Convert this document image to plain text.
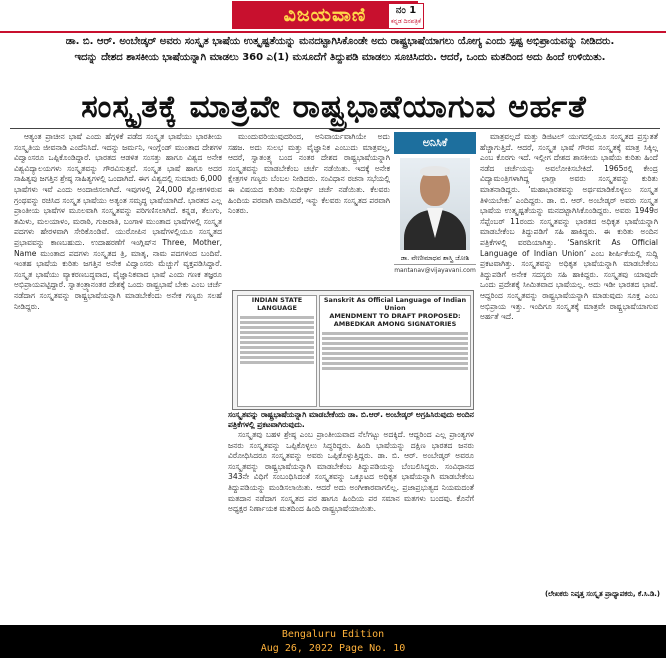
ವಿಜಯವಾಣಿ	ನಂ 1
ಕನ್ನಡ ದಿನಪತ್ರಿಕೆ
ಡಾ. ಬಿ. ಆರ್. ಅಂಬೇಡ್ಕರ್ ಅವರು ಸಂಸ್ಕೃತ ಭಾಷೆಯ ಉತ್ಕೃಷ್ಟತೆಯನ್ನು ಮನದಟ್ಟಾಗಿಸಿಕೊಂಡೇ ಅದು ರಾಷ್ಟ್ರಭಾಷೆಯಾಗಲು ಯೋಗ್ಯ ಎಂದು ಸ್ಪಷ್ಟ ಅಭಿಪ್ರಾಯವನ್ನು ನೀಡಿದರು.
ಇದನ್ನು ದೇಶದ ಶಾಸಕೀಯ ಭಾಷೆಯನ್ನಾಗಿ ಮಾಡಲು 360 ಎ(1) ಮಸೂದೆಗೆ ತಿದ್ದುಪಡಿ ಮಾಡಲು ಸೂಚಿಸಿದರು. ಆದರೆ, ಒಂದು ಮತದಿಂದ ಅದು ಹಿಂದೆ ಉಳಿಯಿತು.
ಸಂಸ್ಕೃತಕ್ಕೆ ಮಾತ್ರವೇ ರಾಷ್ಟ್ರಭಾಷೆಯಾಗುವ ಅರ್ಹತೆ

ಆತ್ಯಂತ ಪ್ರಾಚೀನ ಭಾಷೆ ಎಂದು ಹೆಗ್ಗಳಿಕೆ ಪಡೆದ ಸಂಸ್ಕೃತ ಭಾಷೆಯು ಭಾರತೀಯ ಸಂಸ್ಕೃತಿಯ ಜೀವನಾಡಿ ಎಂದೆನಿಸಿದೆ. ಇದನ್ನು ಜರ್ಮನಿ, ಇಂಗ್ಲೆಂಡ್ ಮುಂತಾದ ದೇಶಗಳ ವಿದ್ವಾಂಸರೂ ಒಪ್ಪಿಕೊಂಡಿದ್ದಾರೆ. ಭಾರತದ ಆಡಳಿತ ಸಂಸತ್ತು ಹಾಗೂ ವಿಶ್ವದ ಅನೇಕ ವಿಶ್ವವಿದ್ಯಾಲಯಗಳು ಸಂಸ್ಕೃತವನ್ನು ಗೌರವಿಸುತ್ತವೆ. ಸಂಸ್ಕೃತ ಭಾಷೆ ಹಾಗೂ ಅದರ ಸಾಹಿತ್ಯವು ಜಗತ್ತಿನ ಶ್ರೇಷ್ಠ ಸಾಹಿತ್ಯಗಳಲ್ಲಿ ಒಂದಾಗಿದೆ. ಈಗ ವಿಶ್ವದಲ್ಲಿ ಸುಮಾರು 6,000 ಭಾಷೆಗಳು ಇವೆ ಎಂದು ಅಂದಾಜಿಸಲಾಗಿದೆ. ಇವುಗಳಲ್ಲಿ 24,000 ಶ್ಲೋಕಗಳಿರುವ ಗ್ರಂಥವನ್ನು ರಚಿಸಿದ ಸಂಸ್ಕೃತ ಭಾಷೆಯು ಅತ್ಯಂತ ಸಮೃದ್ಧ ಭಾಷೆಯಾಗಿದೆ. ಭಾರತದ ಎಲ್ಲ ಪ್ರಾಂತೀಯ ಭಾಷೆಗಳ ಮೂಲವಾಗಿ ಸಂಸ್ಕೃತವನ್ನು ಪರಿಗಣಿಸಲಾಗಿದೆ. ಕನ್ನಡ, ತೆಲುಗು, ತಮಿಳು, ಮಲಯಾಳಂ, ಮರಾಠಿ, ಗುಜರಾತಿ, ಬಂಗಾಳಿ ಮುಂತಾದ ಭಾಷೆಗಳಲ್ಲಿ ಸಂಸ್ಕೃತ ಪದಗಳು ಹೇರಳವಾಗಿ ಸೇರಿಕೊಂಡಿವೆ. ಯುರೋಪಿನ ಭಾಷೆಗಳಲ್ಲಿಯೂ ಸಂಸ್ಕೃತದ ಪ್ರಭಾವವನ್ನು ಕಾಣಬಹುದು. ಉದಾಹರಣೆಗೆ ಇಂಗ್ಲಿಷ್‌ನ Three, Mother, Name ಮುಂತಾದ ಪದಗಳು ಸಂಸ್ಕೃತದ ತ್ರಿ, ಮಾತೃ, ನಾಮ ಪದಗಳಿಂದ ಬಂದಿವೆ. ಇಂತಹ ಭಾಷೆಯ ಕುರಿತು ಜಗತ್ತಿನ ಅನೇಕ ವಿದ್ವಾಂಸರು ಮೆಚ್ಚುಗೆ ವ್ಯಕ್ತಪಡಿಸಿದ್ದಾರೆ. ಸಂಸ್ಕೃತ ಭಾಷೆಯು ವ್ಯಾಕರಣಬದ್ಧವಾದ, ವೈಜ್ಞಾನಿಕವಾದ ಭಾಷೆ ಎಂದು ಗಣಕ ತಜ್ಞರೂ ಅಭಿಪ್ರಾಯಪಟ್ಟಿದ್ದಾರೆ. ಸ್ವಾತಂತ್ರ್ಯಾನಂತರ ದೇಶಕ್ಕೆ ಒಂದು ರಾಷ್ಟ್ರಭಾಷೆ ಬೇಕು ಎಂಬ ಚರ್ಚೆ ನಡೆದಾಗ ಸಂಸ್ಕೃತವನ್ನು ರಾಷ್ಟ್ರಭಾಷೆಯನ್ನಾಗಿ ಮಾಡಬೇಕೆಂದು ಅನೇಕ ಗಣ್ಯರು ಸಲಹೆ ನೀಡಿದ್ದರು.

ಮುಂದುವರಿಯುವುದರಿಂದ, ಅನಿವಾರ್ಯವಾಗಿಯೇ ಅದು ಸಹಜ. ಅದು ಸುಲಭ ಮತ್ತು ವೈಜ್ಞಾನಿಕ ಎಂಬುದು ಮಾತ್ರವಲ್ಲ, ಆದರೆ, ಸ್ವಾತಂತ್ರ್ಯ ಬಂದ ನಂತರ ದೇಶದ ರಾಷ್ಟ್ರಭಾಷೆಯನ್ನಾಗಿ ಸಂಸ್ಕೃತವನ್ನು ಮಾಡಬೇಕೆಂಬ ಚರ್ಚೆ ನಡೆಯಿತು. ಇದಕ್ಕೆ ಅನೇಕ ಕ್ಷೇತ್ರಗಳ ಗಣ್ಯರು ಬೆಂಬಲ ನೀಡಿದರು. ಸಂವಿಧಾನ ರಚನಾ ಸಭೆಯಲ್ಲಿ ಈ ವಿಷಯದ ಕುರಿತು ಸುದೀರ್ಘ ಚರ್ಚೆ ನಡೆಯಿತು. ಕೆಲವರು ಹಿಂದಿಯ ಪರವಾಗಿ ವಾದಿಸಿದರೆ, ಇನ್ನು ಕೆಲವರು ಸಂಸ್ಕೃತದ ಪರವಾಗಿ ನಿಂತರು.

ಅನಿಸಿಕೆ
ಡಾ. ವೇಣೀಮಾಧವ ಶಾಸ್ತ್ರಿ ಜೋಶಿ
mantanav@vijayavani.com
INDIAN STATE LANGUAGE
Sanskrit As Official Language of Indian Union
AMENDMENT TO DRAFT PROPOSED: AMBEDKAR AMONG SIGNATORIES
ಸಂಸ್ಕೃತವನ್ನು ರಾಷ್ಟ್ರಭಾಷೆಯನ್ನಾಗಿ ಮಾಡಬೇಕೆಂದು ಡಾ. ಬಿ.ಆರ್. ಅಂಬೇಡ್ಕರ್ ಅಗ್ರಹಿಸಿರುವುದು ಅಂದಿನ ಪತ್ರಿಕೆಗಳಲ್ಲಿ ಪ್ರಕಟವಾಗಿರುವುದು.

ಸಂಸ್ಕೃತವು ಬಹಳ ಶ್ರೇಷ್ಠ ಎಂಬ ಪ್ರಾಂತೀಯವಾದ ನೆಲೆಗಟ್ಟು ಅದಕ್ಕಿದೆ. ಆದ್ದರಿಂದ ಎಲ್ಲ ಪ್ರಾಂತ್ಯಗಳ ಜನರು ಸಂಸ್ಕೃತವನ್ನು ಒಪ್ಪಿಕೊಳ್ಳಲು ಸಿದ್ಧರಿದ್ದರು. ಹಿಂದಿ ಭಾಷೆಯನ್ನು ದಕ್ಷಿಣ ಭಾರತದ ಜನರು ವಿರೋಧಿಸಿದರೂ ಸಂಸ್ಕೃತವನ್ನು ಅವರು ಒಪ್ಪಿಕೊಳ್ಳುತ್ತಿದ್ದರು. ಡಾ. ಬಿ. ಆರ್. ಅಂಬೇಡ್ಕರ್ ಅವರೂ ಸಂಸ್ಕೃತವನ್ನು ರಾಷ್ಟ್ರಭಾಷೆಯನ್ನಾಗಿ ಮಾಡಬೇಕೆಂಬ ತಿದ್ದುಪಡಿಯನ್ನು ಬೆಂಬಲಿಸಿದ್ದರು. ಸಂವಿಧಾನದ 343ನೇ ವಿಧಿಗೆ ಸಂಬಂಧಿಸಿದಂತೆ ಸಂಸ್ಕೃತವನ್ನು ಒಕ್ಕೂಟದ ಅಧಿಕೃತ ಭಾಷೆಯನ್ನಾಗಿ ಮಾಡಬೇಕೆಂಬ ತಿದ್ದುಪಡಿಯನ್ನು ಮಂಡಿಸಲಾಯಿತು. ಆದರೆ ಅದು ಅಂಗೀಕಾರವಾಗಲಿಲ್ಲ. ಪ್ರಜಾಪ್ರಭುತ್ವದ ನಿಯಮದಂತೆ ಮತದಾನ ನಡೆದಾಗ ಸಂಸ್ಕೃತದ ಪರ ಹಾಗೂ ಹಿಂದಿಯ ಪರ ಸಮಾನ ಮತಗಳು ಬಂದವು. ಕೊನೆಗೆ ಅಧ್ಯಕ್ಷರ ನಿರ್ಣಾಯಕ ಮತದಿಂದ ಹಿಂದಿ ರಾಷ್ಟ್ರಭಾಷೆಯಾಯಿತು.

ಮಾತ್ರವಲ್ಲದೆ ಮತ್ತು ಡಿಜಿಟಲ್ ಯುಗದಲ್ಲಿಯೂ ಸಂಸ್ಕೃತದ ಪ್ರಸ್ತುತತೆ ಹೆಚ್ಚಾಗುತ್ತಿದೆ. ಆದರೆ, ಸಂಸ್ಕೃತ ಭಾಷೆ ಗೌರವ ಸಂಸ್ಕೃತಕ್ಕೆ ಮಾತ್ರ ಸಿಕ್ಕಿಲ್ಲ ಎಂಬ ಕೊರಗು ಇದೆ. ಇಲ್ಲೀಗ ದೇಶದ ಶಾಸಕೀಯ ಭಾಷೆಯ ಕುರಿತು ಹಿಂದೆ ನಡೆದ ಚರ್ಚೆಯನ್ನು ಅವಲೋಕಿಸಬೇಕಿದೆ. 1965ರಲ್ಲಿ ಕೇಂದ್ರ ವಿದ್ಯಾಮಂತ್ರಿಗಳಾಗಿದ್ದ ಛಾಗ್ಲಾ ಅವರು ಸಂಸ್ಕೃತವನ್ನು ಕುರಿತು ಮಾತನಾಡಿದ್ದರು. ‘ಮಹಾಭಾರತವನ್ನು ಅರ್ಥಮಾಡಿಕೊಳ್ಳಲು ಸಂಸ್ಕೃತ ತಿಳಿಯಬೇಕು’ ಎಂದಿದ್ದರು. ಡಾ. ಬಿ. ಆರ್. ಅಂಬೇಡ್ಕರ್ ಅವರು ಸಂಸ್ಕೃತ ಭಾಷೆಯ ಉತ್ಕೃಷ್ಟತೆಯನ್ನು ಮನದಟ್ಟಾಗಿಸಿಕೊಂಡಿದ್ದರು. ಅವರು 1949ರ ಸೆಪ್ಟೆಂಬರ್ 11ರಂದು ಸಂಸ್ಕೃತವನ್ನು ಭಾರತದ ಅಧಿಕೃತ ಭಾಷೆಯನ್ನಾಗಿ ಮಾಡಬೇಕೆಂಬ ತಿದ್ದುಪಡಿಗೆ ಸಹಿ ಹಾಕಿದ್ದರು. ಈ ಕುರಿತು ಅಂದಿನ ಪತ್ರಿಕೆಗಳಲ್ಲಿ ವರದಿಯಾಗಿತ್ತು. ‘Sanskrit As Official Language of Indian Union’ ಎಂಬ ಶೀರ್ಷಿಕೆಯಲ್ಲಿ ಸುದ್ದಿ ಪ್ರಕಟವಾಗಿತ್ತು. ಸಂಸ್ಕೃತವನ್ನು ಅಧಿಕೃತ ಭಾಷೆಯನ್ನಾಗಿ ಮಾಡಬೇಕೆಂಬ ತಿದ್ದುಪಡಿಗೆ ಅನೇಕ ಸದಸ್ಯರು ಸಹಿ ಹಾಕಿದ್ದರು. ಸಂಸ್ಕೃತವು ಯಾವುದೇ ಒಂದು ಪ್ರದೇಶಕ್ಕೆ ಸೀಮಿತವಾದ ಭಾಷೆಯಲ್ಲ. ಅದು ಇಡೀ ಭಾರತದ ಭಾಷೆ. ಆದ್ದರಿಂದ ಸಂಸ್ಕೃತವನ್ನು ರಾಷ್ಟ್ರಭಾಷೆಯನ್ನಾಗಿ ಮಾಡುವುದು ಸೂಕ್ತ ಎಂಬ ಅಭಿಪ್ರಾಯ ಇತ್ತು. ಇಂದಿಗೂ ಸಂಸ್ಕೃತಕ್ಕೆ ಮಾತ್ರವೇ ರಾಷ್ಟ್ರಭಾಷೆಯಾಗುವ ಅರ್ಹತೆ ಇದೆ.

(ಲೇಖಕರು ನಿವೃತ್ತ ಸಂಸ್ಕೃತ ಪ್ರಾಧ್ಯಾಪಕರು, ಕೆ.ಸಿ.ಡಿ.)
Bengaluru Edition
Aug 26, 2022 Page No. 10
